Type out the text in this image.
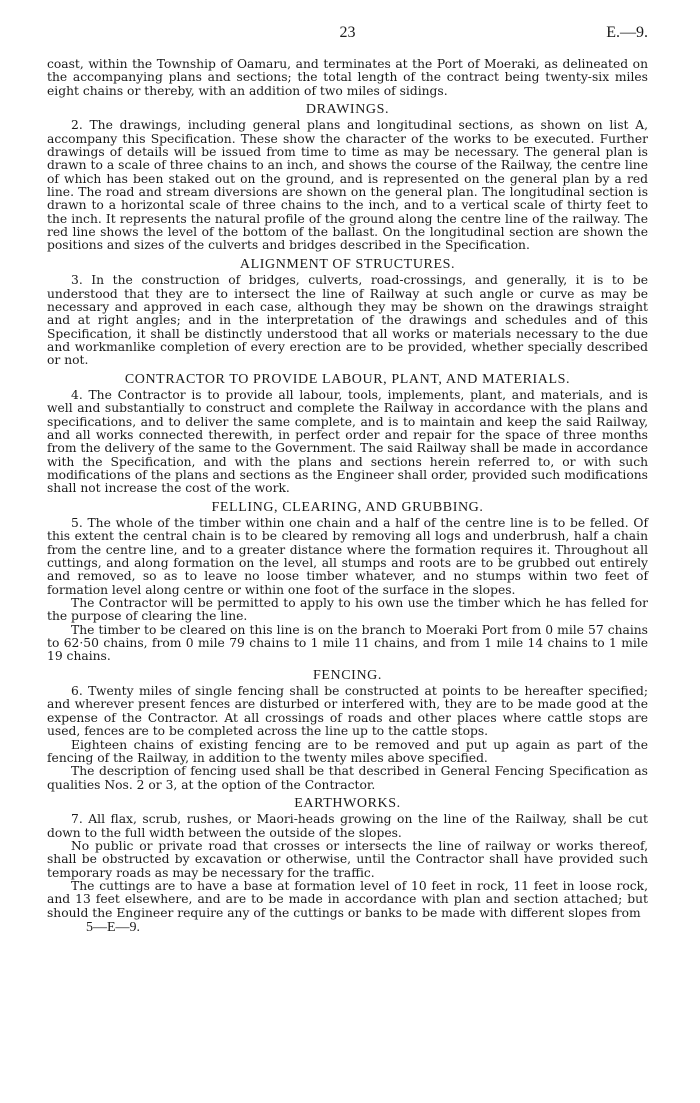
23	E.—9.

coast, within the Township of Oamaru, and terminates at the Port of Moeraki, as delineated on the accompanying plans and sections; the total length of the contract being twenty-six miles eight chains or thereby, with an addition of two miles of sidings.

DRAWINGS.

2. The drawings, including general plans and longitudinal sections, as shown on list A, accompany this Specification. These show the character of the works to be executed. Further drawings of details will be issued from time to time as may be necessary. The general plan is drawn to a scale of three chains to an inch, and shows the course of the Railway, the centre line of which has been staked out on the ground, and is represented on the general plan by a red line. The road and stream diversions are shown on the general plan. The longitudinal section is drawn to a horizontal scale of three chains to the inch, and to a vertical scale of thirty feet to the inch. It represents the natural profile of the ground along the centre line of the railway. The red line shows the level of the bottom of the ballast. On the longitudinal section are shown the positions and sizes of the culverts and bridges described in the Specification.

ALIGNMENT OF STRUCTURES.

3. In the construction of bridges, culverts, road-crossings, and generally, it is to be understood that they are to intersect the line of Railway at such angle or curve as may be necessary and approved in each case, although they may be shown on the drawings straight and at right angles; and in the interpretation of the drawings and schedules and of this Specification, it shall be distinctly understood that all works or materials necessary to the due and workmanlike completion of every erection are to be provided, whether specially described or not.

CONTRACTOR TO PROVIDE LABOUR, PLANT, AND MATERIALS.

4. The Contractor is to provide all labour, tools, implements, plant, and materials, and is well and substantially to construct and complete the Railway in accordance with the plans and specifications, and to deliver the same complete, and is to maintain and keep the said Railway, and all works connected therewith, in perfect order and repair for the space of three months from the delivery of the same to the Government. The said Railway shall be made in accordance with the Specification, and with the plans and sections herein referred to, or with such modifications of the plans and sections as the Engineer shall order, provided such modifications shall not increase the cost of the work.

FELLING, CLEARING, AND GRUBBING.

5. The whole of the timber within one chain and a half of the centre line is to be felled. Of this extent the central chain is to be cleared by removing all logs and underbrush, half a chain from the centre line, and to a greater distance where the formation requires it. Throughout all cuttings, and along formation on the level, all stumps and roots are to be grubbed out entirely and removed, so as to leave no loose timber whatever, and no stumps within two feet of formation level along centre or within one foot of the surface in the slopes.

The Contractor will be permitted to apply to his own use the timber which he has felled for the purpose of clearing the line.

The timber to be cleared on this line is on the branch to Moeraki Port from 0 mile 57 chains to 62·50 chains, from 0 mile 79 chains to 1 mile 11 chains, and from 1 mile 14 chains to 1 mile 19 chains.

FENCING.

6. Twenty miles of single fencing shall be constructed at points to be hereafter specified; and wherever present fences are disturbed or interfered with, they are to be made good at the expense of the Contractor. At all crossings of roads and other places where cattle stops are used, fences are to be completed across the line up to the cattle stops.

Eighteen chains of existing fencing are to be removed and put up again as part of the fencing of the Railway, in addition to the twenty miles above specified.

The description of fencing used shall be that described in General Fencing Specification as qualities Nos. 2 or 3, at the option of the Contractor.

EARTHWORKS.

7. All flax, scrub, rushes, or Maori-heads growing on the line of the Railway, shall be cut down to the full width between the outside of the slopes.

No public or private road that crosses or intersects the line of railway or works thereof, shall be obstructed by excavation or otherwise, until the Contractor shall have provided such temporary roads as may be necessary for the traffic.

The cuttings are to have a base at formation level of 10 feet in rock, 11 feet in loose rock, and 13 feet elsewhere, and are to be made in accordance with plan and section attached; but should the Engineer require any of the cuttings or banks to be made with different slopes from

5—E—9.
